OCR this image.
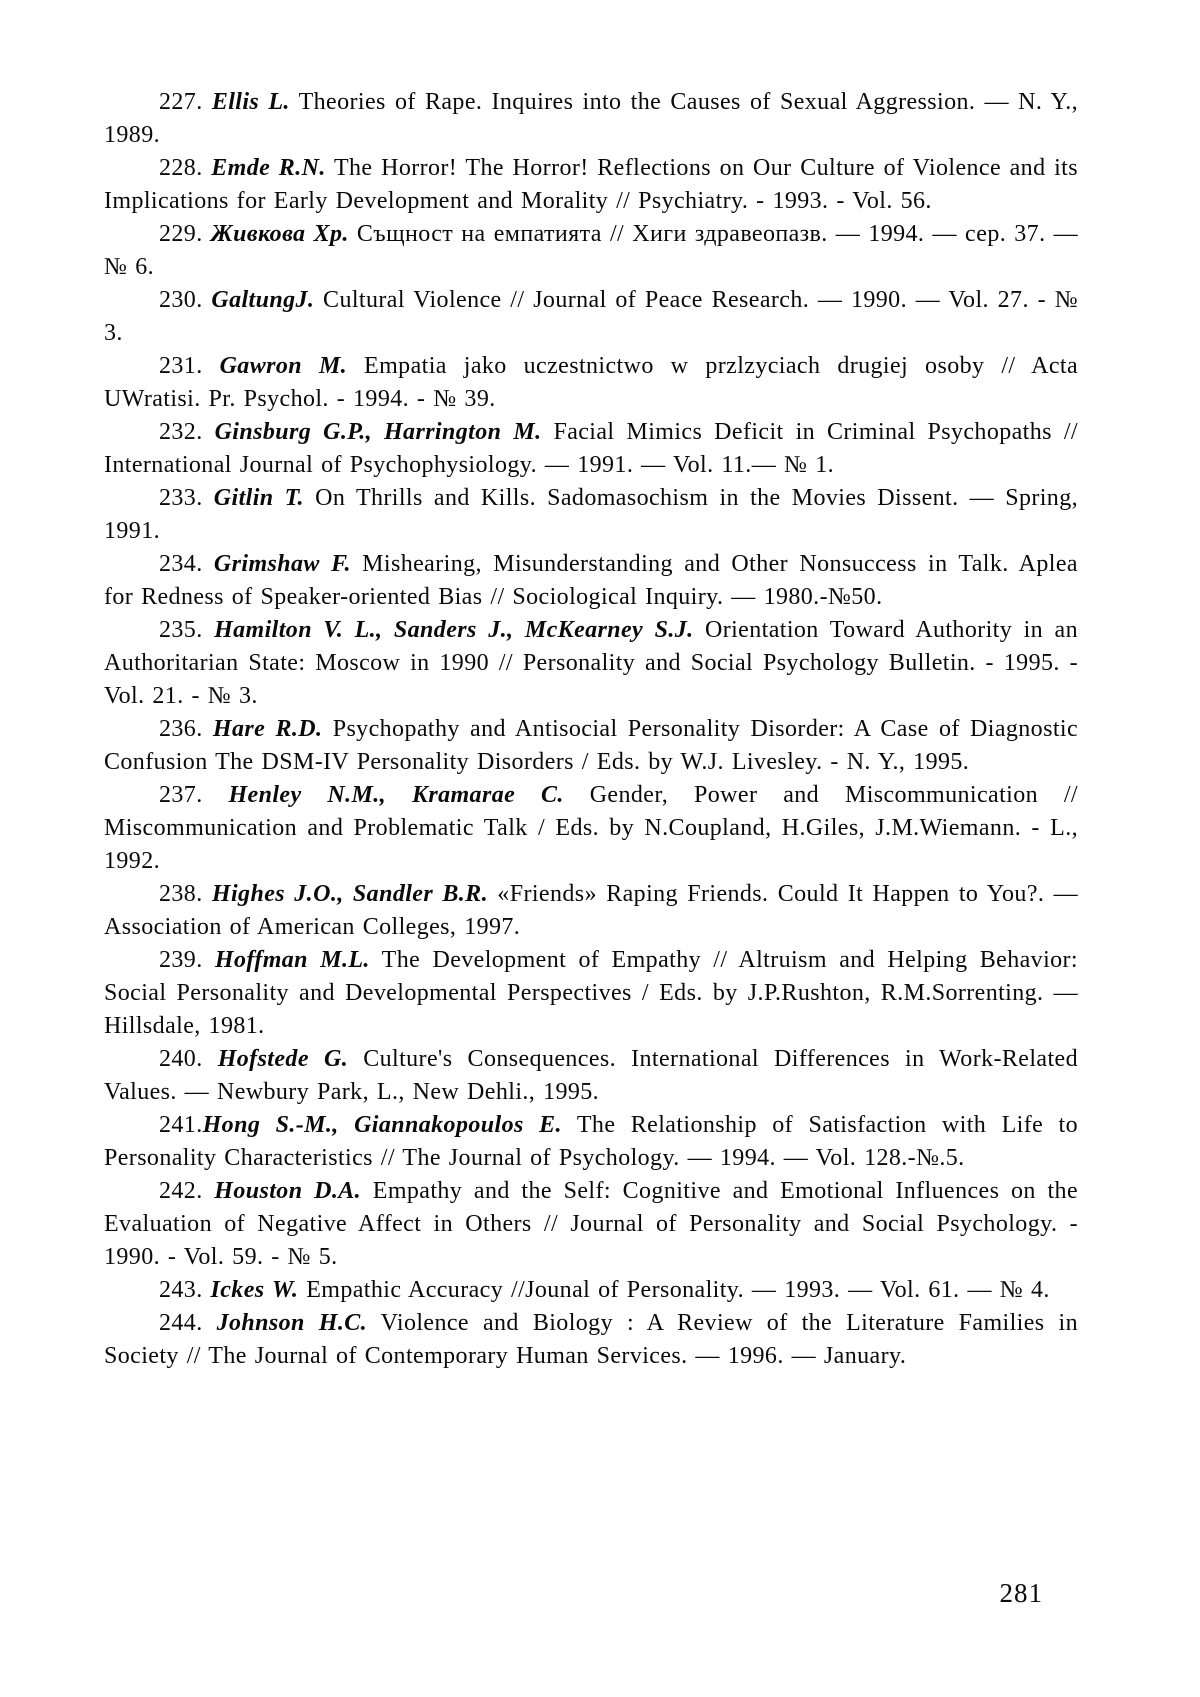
227. Ellis L. Theories of Rape. Inquires into the Causes of Sexual Aggression. — N. Y., 1989.

228. Emde R.N. The Horror! The Horror! Reflections on Our Culture of Violence and its Implications for Early Development and Morality // Psychiatry. - 1993. - Vol. 56.

229. Живкова Хр. Същност на емпатията // Хиги здравеопазв. — 1994. — сер. 37. — № 6.

230. GaltungJ. Cultural Violence // Journal of Peace Research. — 1990. — Vol. 27. - № 3.

231. Gawron M. Empatia jako uczestnictwo w przlzyciach drugiej osoby // Acta UWratisi. Pr. Psychol. - 1994. - № 39.

232. Ginsburg G.P., Harrington M. Facial Mimics Deficit in Criminal Psychopaths // International Journal of Psychophysiology. — 1991. — Vol. 11.— № 1.

233. Gitlin T. On Thrills and Kills. Sadomasochism in the Movies Dissent. — Spring, 1991.

234. Grimshaw F. Mishearing, Misunderstanding and Other Nonsuccess in Talk. Aplea for Redness of Speaker-oriented Bias // Sociological Inquiry. — 1980.-№50.

235. Hamilton V. L., Sanders J., McKearney S.J. Orientation Toward Authority in an Authoritarian State: Moscow in 1990 // Personality and Social Psychology Bulletin. - 1995. - Vol. 21. - № 3.

236. Hare R.D. Psychopathy and Antisocial Personality Disorder: A Case of Diagnostic Confusion The DSM-IV Personality Disorders / Eds. by W.J. Livesley. - N. Y., 1995.

237. Henley N.M., Kramarae C. Gender, Power and Miscommunication // Miscommunication and Problematic Talk / Eds. by N.Coupland, H.Giles, J.M.Wiemann. - L., 1992.

238. Highes J.O., Sandler B.R. «Friends» Raping Friends. Could It Happen to You?. — Association of American Colleges, 1997.

239. Hoffman M.L. The Development of Empathy // Altruism and Helping Behavior: Social Personality and Developmental Perspectives / Eds. by J.P.Rushton, R.M.Sorrenting. — Hillsdale, 1981.

240. Hofstede G. Culture's Consequences. International Differences in Work-Related Values. — Newbury Park, L., New Dehli., 1995.

241.Hong S.-M., Giannakopoulos E. The Relationship of Satisfaction with Life to Personality Characteristics // The Journal of Psychology. — 1994. — Vol. 128.-№.5.

242. Houston D.A. Empathy and the Self: Cognitive and Emotional Influences on the Evaluation of Negative Affect in Others // Journal of Personality and Social Psychology. - 1990. - Vol. 59. - № 5.

243. Ickes W. Empathic Accuracy //Jounal of Personality. — 1993. — Vol. 61. — № 4.

244. Johnson H.C. Violence and Biology : A Review of the Literature Families in Society // The Journal of Contemporary Human Services. — 1996. — January.

281
